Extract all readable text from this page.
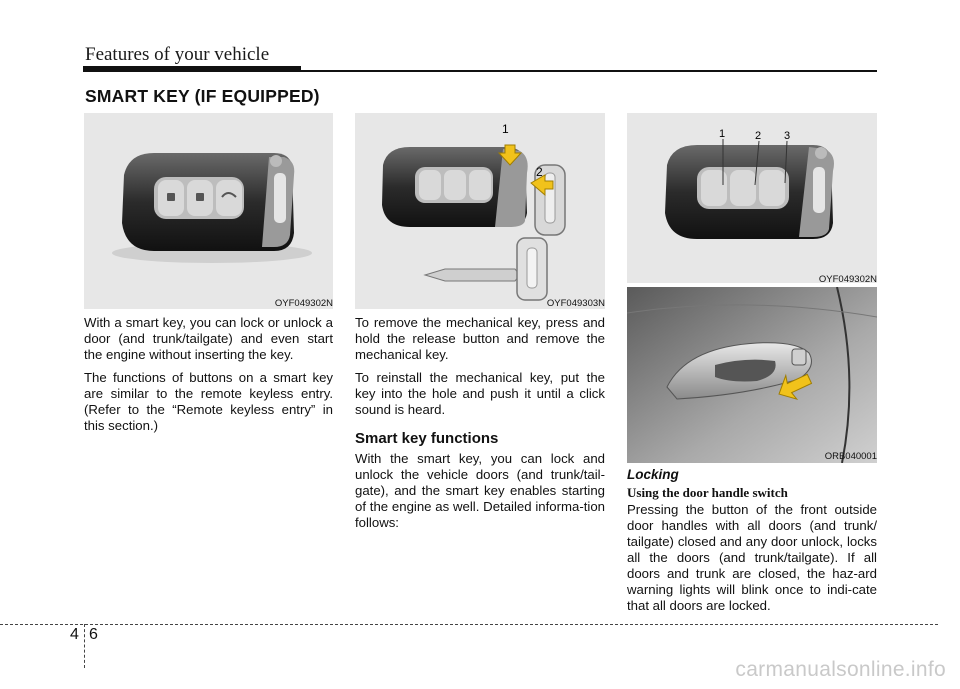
Features of your vehicle
SMART KEY (IF EQUIPPED)
OYF049302N
1
2
OYF049303N
1	2 3
OYF049302N
ORB040001

With a smart key, you can lock or unlock a door (and trunk/tailgate) and even start the engine without inserting the key.

The functions of buttons on a smart key are similar to the remote keyless entry. (Refer to the “Remote keyless entry” in this section.)

To remove the mechanical key, press and hold the release button and remove the mechanical key.

To reinstall the mechanical key, put the key into the hole and push it until a click sound is heard.

Smart key functions

With the smart key, you can lock and unlock the vehicle doors (and trunk/tail-gate), and the smart key enables starting of the engine as well. Detailed informa-tion follows:

Locking
Using the door handle switch

Pressing the button of the front outside door handles with all doors (and trunk/ tailgate) closed and any door unlock, locks all the doors (and trunk/tailgate). If all doors and trunk are closed, the haz-ard warning lights will blink once to indi-cate that all doors are locked.

4 6
carmanualsonline.info
